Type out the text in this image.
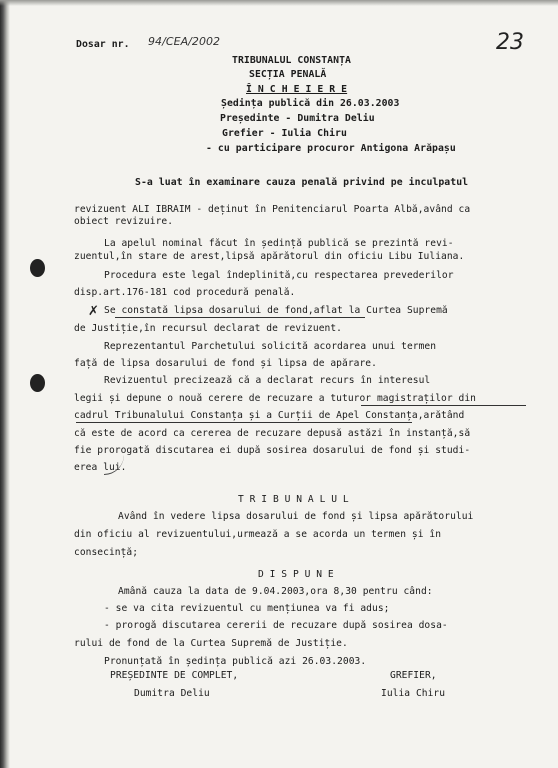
Dosar nr. 94/CEA/2002	23
TRIBUNALUL CONSTANȚA
SECȚIA PENALĂ
Î N C H E I E R E
Ședința publică din 26.03.2003
Președinte - Dumitra Deliu
Grefier - Iulia Chiru
- cu participare procuror Antigona Arăpașu
S-a luat în examinare cauza penală privind pe inculpatul
revizuent ALI IBRAIM - deținut în Penitenciarul Poarta Albă,având ca
obiect revizuire.
La apelul nominal făcut în ședință publică se prezintă revi-
zuentul,în stare de arest,lipsă apărătorul din oficiu Libu Iuliana.
Procedura este legal îndeplinită,cu respectarea prevederilor
disp.art.176-181 cod procedură penală.
✗ Se constată lipsa dosarului de fond,aflat la Curtea Supremă
de Justiție,în recursul declarat de revizuent.
Reprezentantul Parchetului solicită acordarea unui termen
față de lipsa dosarului de fond și lipsa de apărare.
Revizuentul precizează că a declarat recurs în interesul
legii și depune o nouă cerere de recuzare a tuturor magistraților din
cadrul Tribunalului Constanța și a Curții de Apel Constanța,arătând
că este de acord ca cererea de recuzare depusă astăzi în instanță,să
fie prorogată discutarea ei după sosirea dosarului de fond și studi-
erea lui.
T R I B U N A L U L
Având în vedere lipsa dosarului de fond și lipsa apărătorului
din oficiu al revizuentului,urmează a se acorda un termen și în
consecință;
D I S P U N E
Amână cauza la data de 9.04.2003,ora 8,30 pentru când:
- se va cita revizuentul cu mențiunea va fi adus;
- prorogă discutarea cererii de recuzare după sosirea dosa-
rului de fond de la Curtea Supremă de Justiție.
Pronunțată în ședința publică azi 26.03.2003.
PREȘEDINTE DE COMPLET,
Dumitra Deliu
GREFIER,
Iulia Chiru
